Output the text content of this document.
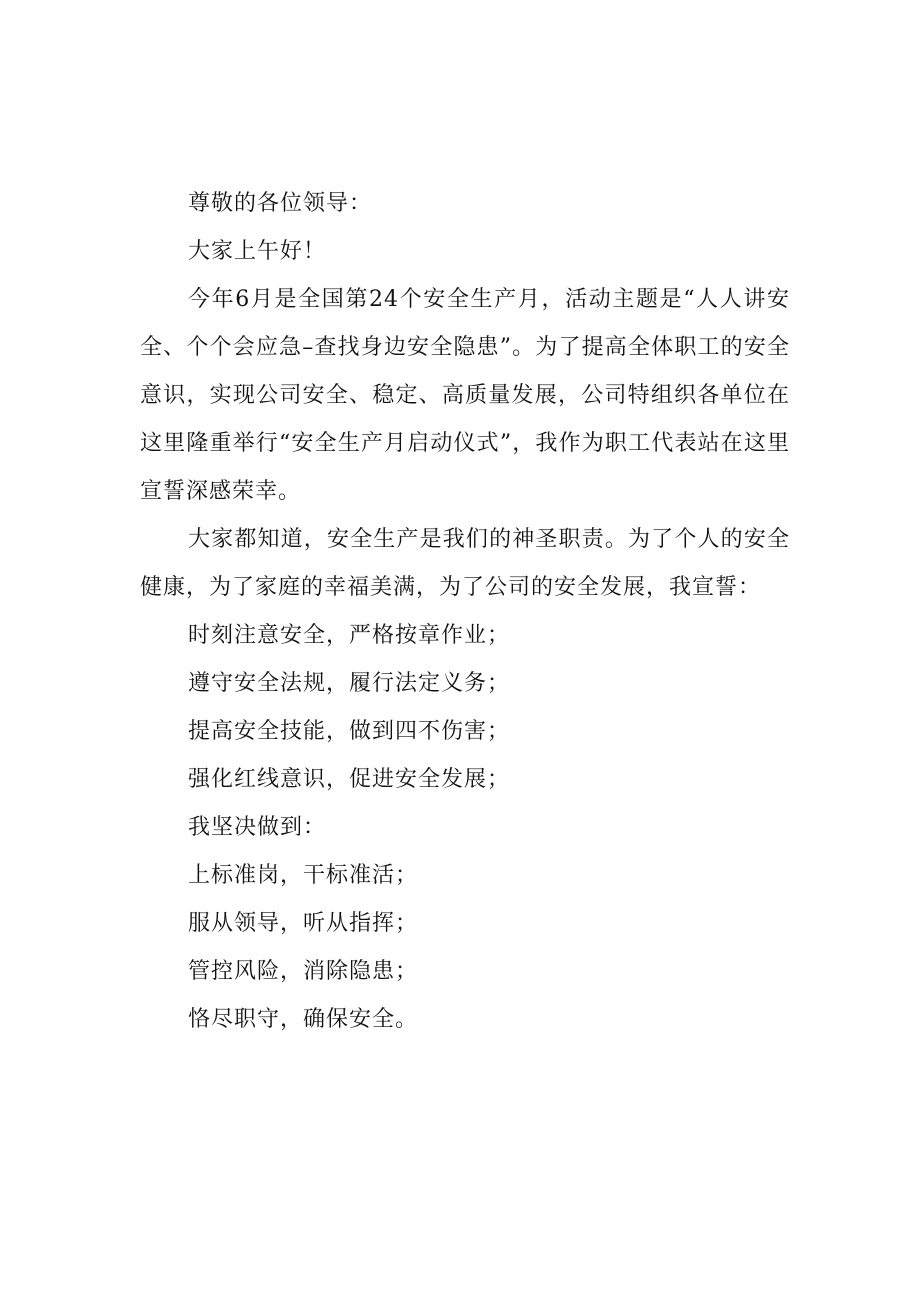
尊敬的各位领导：

大家上午好！

今年6月是全国第24个安全生产月，活动主题是“人人讲安全、个个会应急–查找身边安全隐患”。为了提高全体职工的安全意识，实现公司安全、稳定、高质量发展，公司特组织各单位在这里隆重举行“安全生产月启动仪式”，我作为职工代表站在这里宣誓深感荣幸。

大家都知道，安全生产是我们的神圣职责。为了个人的安全健康，为了家庭的幸福美满，为了公司的安全发展，我宣誓：

时刻注意安全，严格按章作业；

遵守安全法规，履行法定义务；

提高安全技能，做到四不伤害；

强化红线意识，促进安全发展；

我坚决做到：

上标准岗，干标准活；

服从领导，听从指挥；

管控风险，消除隐患；

恪尽职守，确保安全。
